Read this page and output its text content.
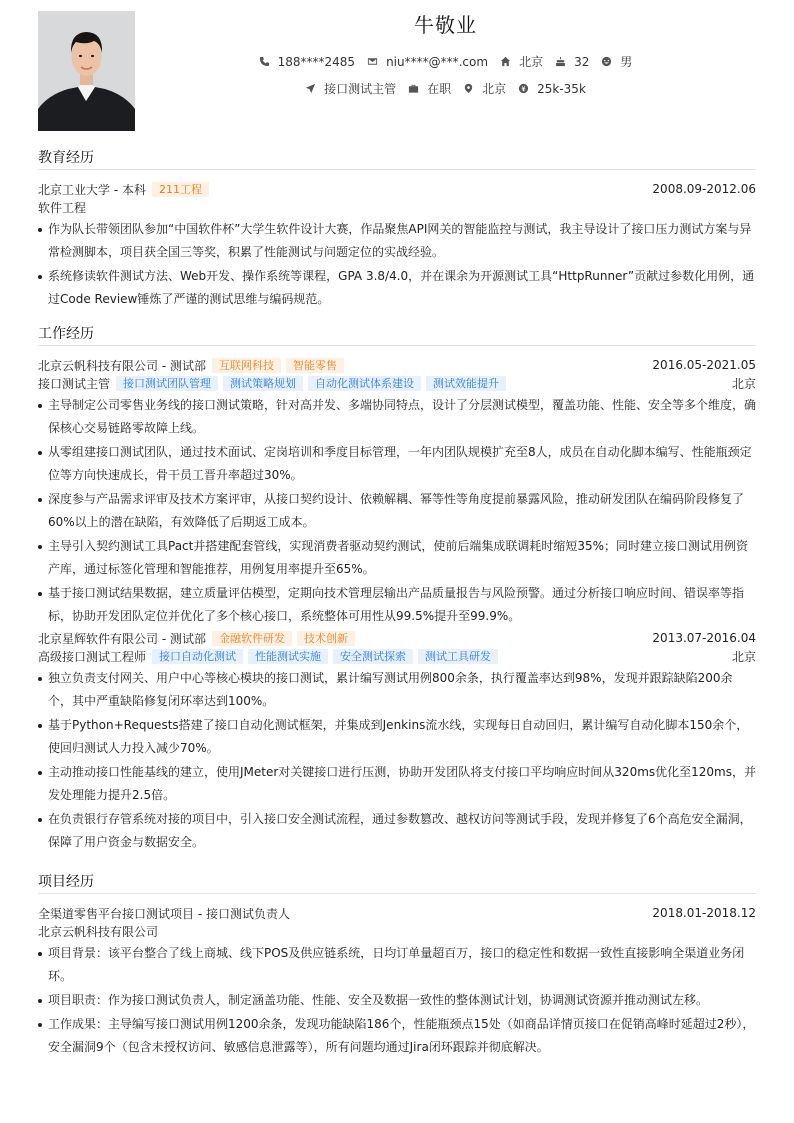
牛敬业
188****2485	niu****@***.com	北京	32	男
接口测试主管	在职	北京	25k-35k
教育经历
北京工业大学 - 本科	211工程	2008.09-2012.06
软件工程
作为队长带领团队参加“中国软件杯”大学生软件设计大赛，作品聚焦API网关的智能监控与测试，我主导设计了接口压力测试方案与异常检测脚本，项目获全国三等奖，积累了性能测试与问题定位的实战经验。
系统修读软件测试方法、Web开发、操作系统等课程，GPA 3.8/4.0，并在课余为开源测试工具“HttpRunner”贡献过参数化用例，通过Code Review锤炼了严谨的测试思维与编码规范。
工作经历
北京云帆科技有限公司 - 测试部	互联网科技	智能零售	2016.05-2021.05
接口测试主管	接口测试团队管理	测试策略规划	自动化测试体系建设	测试效能提升	北京
主导制定公司零售业务线的接口测试策略，针对高并发、多端协同特点，设计了分层测试模型，覆盖功能、性能、安全等多个维度，确保核心交易链路零故障上线。
从零组建接口测试团队，通过技术面试、定岗培训和季度目标管理，一年内团队规模扩充至8人，成员在自动化脚本编写、性能瓶颈定位等方向快速成长，骨干员工晋升率超过30%。
深度参与产品需求评审及技术方案评审，从接口契约设计、依赖解耦、幂等性等角度提前暴露风险，推动研发团队在编码阶段修复了60%以上的潜在缺陷，有效降低了后期返工成本。
主导引入契约测试工具Pact并搭建配套管线，实现消费者驱动契约测试，使前后端集成联调耗时缩短35%；同时建立接口测试用例资产库，通过标签化管理和智能推荐，用例复用率提升至65%。
基于接口测试结果数据，建立质量评估模型，定期向技术管理层输出产品质量报告与风险预警。通过分析接口响应时间、错误率等指标，协助开发团队定位并优化了多个核心接口，系统整体可用性从99.5%提升至99.9%。
北京星辉软件有限公司 - 测试部	金融软件研发	技术创新	2013.07-2016.04
高级接口测试工程师	接口自动化测试	性能测试实施	安全测试探索	测试工具研发	北京
独立负责支付网关、用户中心等核心模块的接口测试，累计编写测试用例800余条，执行覆盖率达到98%，发现并跟踪缺陷200余个，其中严重缺陷修复闭环率达到100%。
基于Python+Requests搭建了接口自动化测试框架，并集成到Jenkins流水线，实现每日自动回归，累计编写自动化脚本150余个，使回归测试人力投入减少70%。
主动推动接口性能基线的建立，使用JMeter对关键接口进行压测，协助开发团队将支付接口平均响应时间从320ms优化至120ms，并发处理能力提升2.5倍。
在负责银行存管系统对接的项目中，引入接口安全测试流程，通过参数篡改、越权访问等测试手段，发现并修复了6个高危安全漏洞，保障了用户资金与数据安全。
项目经历
全渠道零售平台接口测试项目 - 接口测试负责人	2018.01-2018.12
北京云帆科技有限公司
项目背景：该平台整合了线上商城、线下POS及供应链系统，日均订单量超百万，接口的稳定性和数据一致性直接影响全渠道业务闭环。
项目职责：作为接口测试负责人，制定涵盖功能、性能、安全及数据一致性的整体测试计划，协调测试资源并推动测试左移。
工作成果：主导编写接口测试用例1200余条，发现功能缺陷186个，性能瓶颈点15处（如商品详情页接口在促销高峰时延超过2秒），安全漏洞9个（包含未授权访问、敏感信息泄露等），所有问题均通过Jira闭环跟踪并彻底解决。
